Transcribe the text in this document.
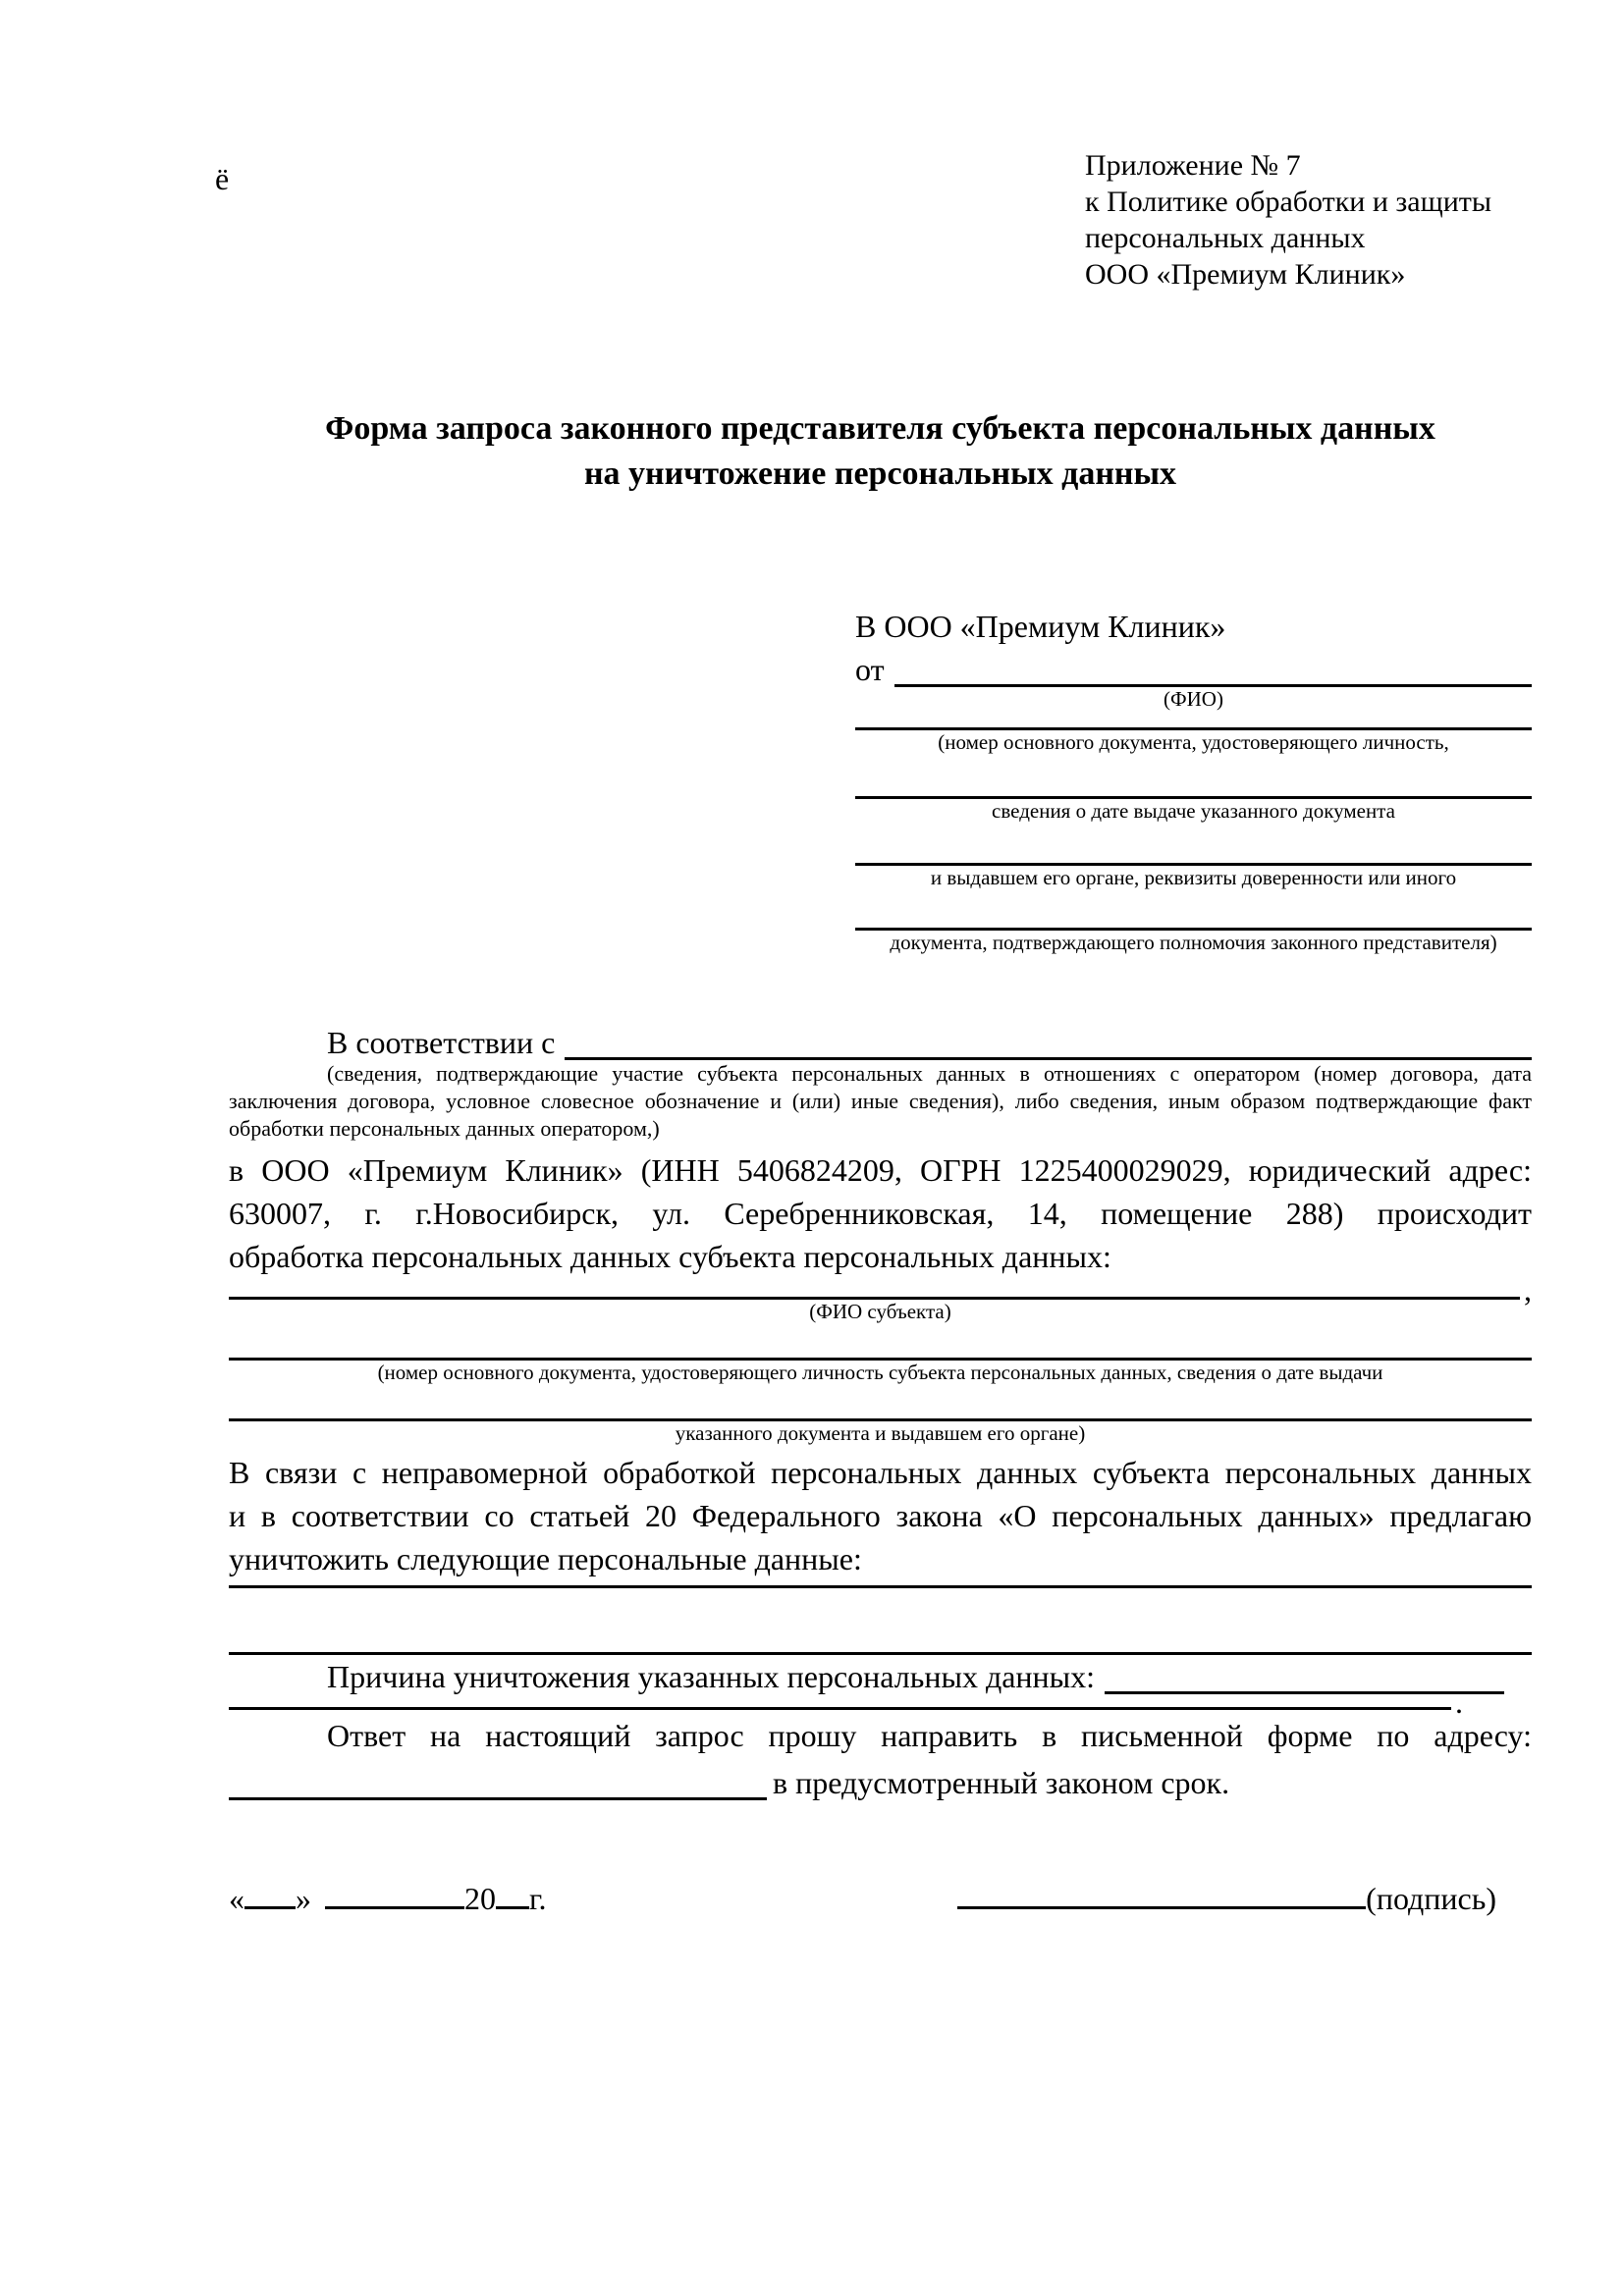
ё	Приложение № 7
к Политике обработки и защиты
персональных данных
ООО «Премиум Клиник»
Форма запроса законного представителя субъекта персональных данных
на уничтожение персональных данных
В ООО «Премиум Клиник»
от
(ФИО)
(номер основного документа, удостоверяющего личность,
сведения о дате выдаче указанного документа
и выдавшем его органе, реквизиты доверенности или иного
документа, подтверждающего полномочия законного представителя)
В соответствии с
(сведения, подтверждающие участие субъекта персональных данных в отношениях с оператором (номер договора, дата
заключения договора, условное словесное обозначение и (или) иные сведения), либо сведения, иным образом подтверждающие факт
обработки персональных данных оператором,)
в ООО «Премиум Клиник» (ИНН 5406824209, ОГРН 1225400029029, юридический адрес:
630007, г. г.Новосибирск, ул. Серебренниковская, 14, помещение 288) происходит
обработка персональных данных субъекта персональных данных:
,
(ФИО субъекта)
(номер основного документа, удостоверяющего личность субъекта персональных данных, сведения о дате выдачи
указанного документа и выдавшем его органе)
В связи с неправомерной обработкой персональных данных субъекта персональных данных
и в соответствии со статьей 20 Федерального закона «О персональных данных» предлагаю
уничтожить следующие персональные данные:
Причина уничтожения указанных персональных данных:
.
Ответ на настоящий запрос прошу направить в письменной форме по адресу:
в предусмотренный законом срок.
« »	20 г.	(подпись)
